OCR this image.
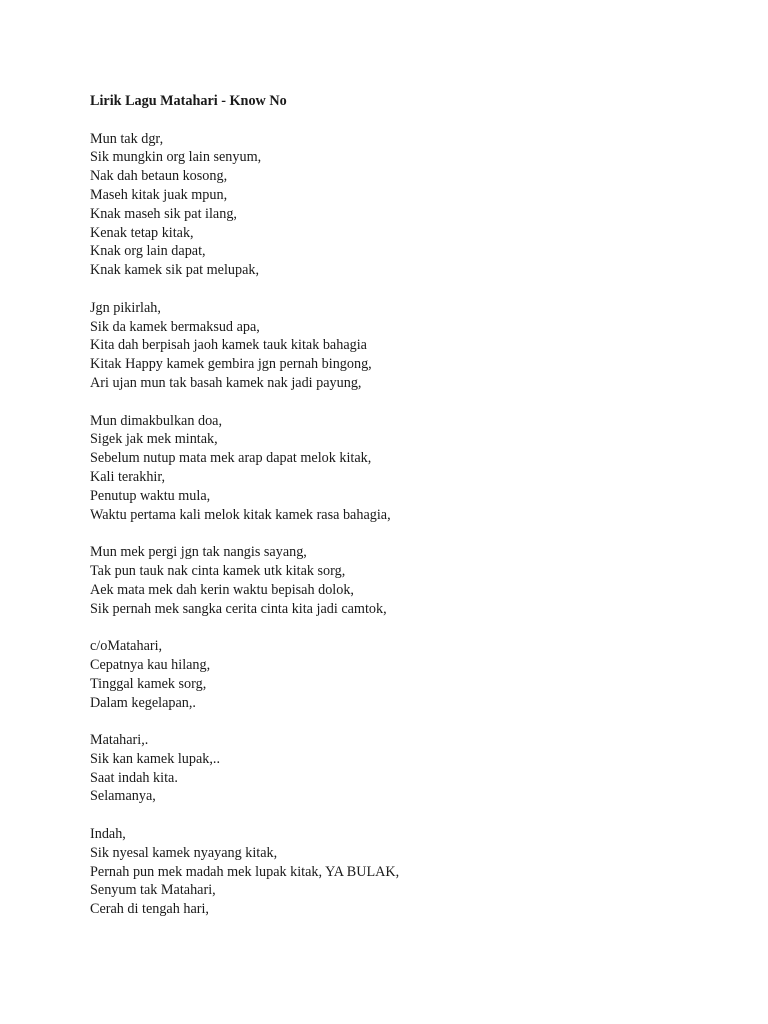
Lirik Lagu Matahari - Know No
Mun tak dgr,
Sik mungkin org lain senyum,
Nak dah betaun kosong,
Maseh kitak juak mpun,
Knak maseh sik pat ilang,
Kenak tetap kitak,
Knak org lain dapat,
Knak kamek sik pat melupak,
Jgn pikirlah,
Sik da kamek bermaksud apa,
Kita dah berpisah jaoh kamek tauk kitak bahagia
Kitak Happy kamek gembira jgn pernah bingong,
Ari ujan mun tak basah kamek nak jadi payung,
Mun dimakbulkan doa,
Sigek jak mek mintak,
Sebelum nutup mata mek arap dapat melok kitak,
Kali terakhir,
Penutup waktu mula,
Waktu pertama kali melok kitak kamek rasa bahagia,
Mun mek pergi jgn tak nangis sayang,
Tak pun tauk nak cinta kamek utk kitak sorg,
Aek mata mek dah kerin waktu bepisah dolok,
Sik pernah mek sangka cerita cinta kita jadi camtok,
c/oMatahari,
Cepatnya kau hilang,
Tinggal kamek sorg,
Dalam kegelapan,.
Matahari,.
Sik kan kamek lupak,..
Saat indah kita.
Selamanya,
Indah,
Sik nyesal kamek nyayang kitak,
Pernah pun mek madah mek lupak kitak, YA BULAK,
Senyum tak Matahari,
Cerah di tengah hari,
